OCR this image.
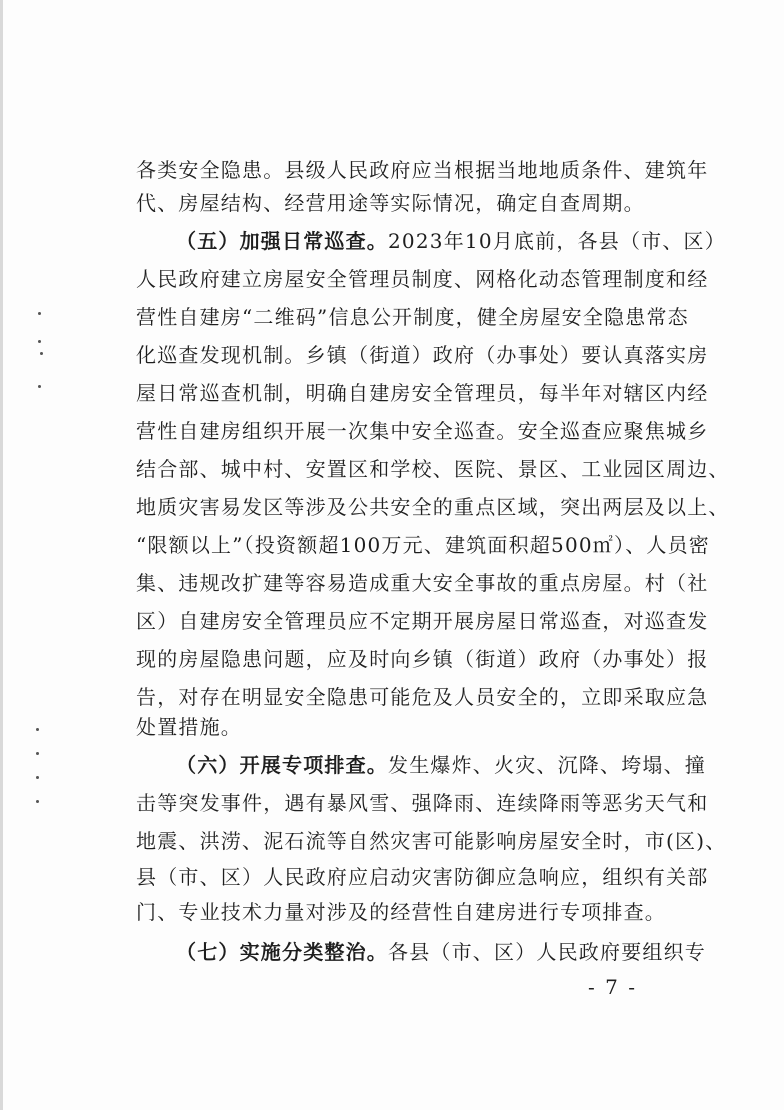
各类安全隐患。县级人民政府应当根据当地地质条件、建筑年
代、房屋结构、经营用途等实际情况，确定自查周期。
（五）加强日常巡查。2023年10月底前，各县（市、区）
人民政府建立房屋安全管理员制度、网格化动态管理制度和经
营性自建房“二维码”信息公开制度，健全房屋安全隐患常态
化巡查发现机制。乡镇（街道）政府（办事处）要认真落实房
屋日常巡查机制，明确自建房安全管理员，每半年对辖区内经
营性自建房组织开展一次集中安全巡查。安全巡查应聚焦城乡
结合部、城中村、安置区和学校、医院、景区、工业园区周边、
地质灾害易发区等涉及公共安全的重点区域，突出两层及以上、
“限额以上”（投资额超100万元、建筑面积超500㎡）、人员密
集、违规改扩建等容易造成重大安全事故的重点房屋。村（社
区）自建房安全管理员应不定期开展房屋日常巡查，对巡查发
现的房屋隐患问题，应及时向乡镇（街道）政府（办事处）报
告，对存在明显安全隐患可能危及人员安全的，立即采取应急
处置措施。
（六）开展专项排查。发生爆炸、火灾、沉降、垮塌、撞
击等突发事件，遇有暴风雪、强降雨、连续降雨等恶劣天气和
地震、洪涝、泥石流等自然灾害可能影响房屋安全时，市(区)、
县（市、区）人民政府应启动灾害防御应急响应，组织有关部
门、专业技术力量对涉及的经营性自建房进行专项排查。
（七）实施分类整治。各县（市、区）人民政府要组织专
- 7 -
